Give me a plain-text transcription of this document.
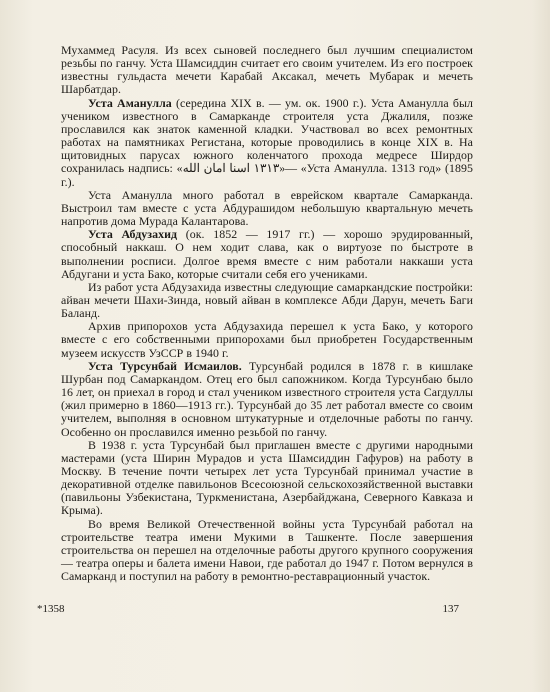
Мухаммед Расуля. Из всех сыновей последнего был лучшим специалистом резьбы по ганчу. Уста Шамсиддин считает его своим учителем. Из его построек известны гульдаста мечети Карабай Аксакал, мечеть Мубарак и мечеть Шарбатдар.

Уста Аманулла (середина XIX в. — ум. ок. 1900 г.). Уста Аманулла был учеником известного в Самарканде строителя уста Джалиля, позже прославился как знаток каменной кладки. Участвовал во всех ремонтных работах на памятниках Регистана, которые проводились в конце XIX в. На щитовидных парусах южного коленчатого прохода медресе Ширдор сохранилась надпись: «١٣١٣ اسنا امان الله»— «Уста Аманулла. 1313 год» (1895 г.).

Уста Аманулла много работал в еврейском квартале Самарканда. Выстроил там вместе с уста Абдурашидом небольшую квартальную мечеть напротив дома Мурада Калантарова.

Уста Абдузахид (ок. 1852 — 1917 гг.) — хорошо эрудированный, способный наккаш. О нем ходит слава, как о виртуозе по быстроте в выполнении росписи. Долгое время вместе с ним работали наккаши уста Абдугани и уста Бако, которые считали себя его учениками.

Из работ уста Абдузахида известны следующие самаркандские постройки: айван мечети Шахи-Зинда, новый айван в комплексе Абди Дарун, мечеть Баги Баланд.

Архив припорохов уста Абдузахида перешел к уста Бако, у которого вместе с его собственными припорохами был приобретен Государственным музеем искусств УзССР в 1940 г.

Уста Турсунбай Исмаилов. Турсунбай родился в 1878 г. в кишлаке Шурбан под Самаркандом. Отец его был сапожником. Когда Турсунбаю было 16 лет, он приехал в город и стал учеником известного строителя уста Сагдуллы (жил примерно в 1860—1913 гг.). Турсунбай до 35 лет работал вместе со своим учителем, выполняя в основном штукатурные и отделочные работы по ганчу. Особенно он прославился именно резьбой по ганчу.

В 1938 г. уста Турсунбай был приглашен вместе с другими народными мастерами (уста Ширин Мурадов и уста Шамсиддин Гафуров) на работу в Москву. В течение почти четырех лет уста Турсунбай принимал участие в декоративной отделке павильонов Всесоюзной сельскохозяйственной выставки (павильоны Узбекистана, Туркменистана, Азербайджана, Северного Кавказа и Крыма).

Во время Великой Отечественной войны уста Турсунбай работал на строительстве театра имени Мукими в Ташкенте. После завершения строительства он перешел на отделочные работы другого крупного сооружения — театра оперы и балета имени Навои, где работал до 1947 г. Потом вернулся в Самарканд и поступил на работу в ремонтно-реставрационный участок.

*1358	137
